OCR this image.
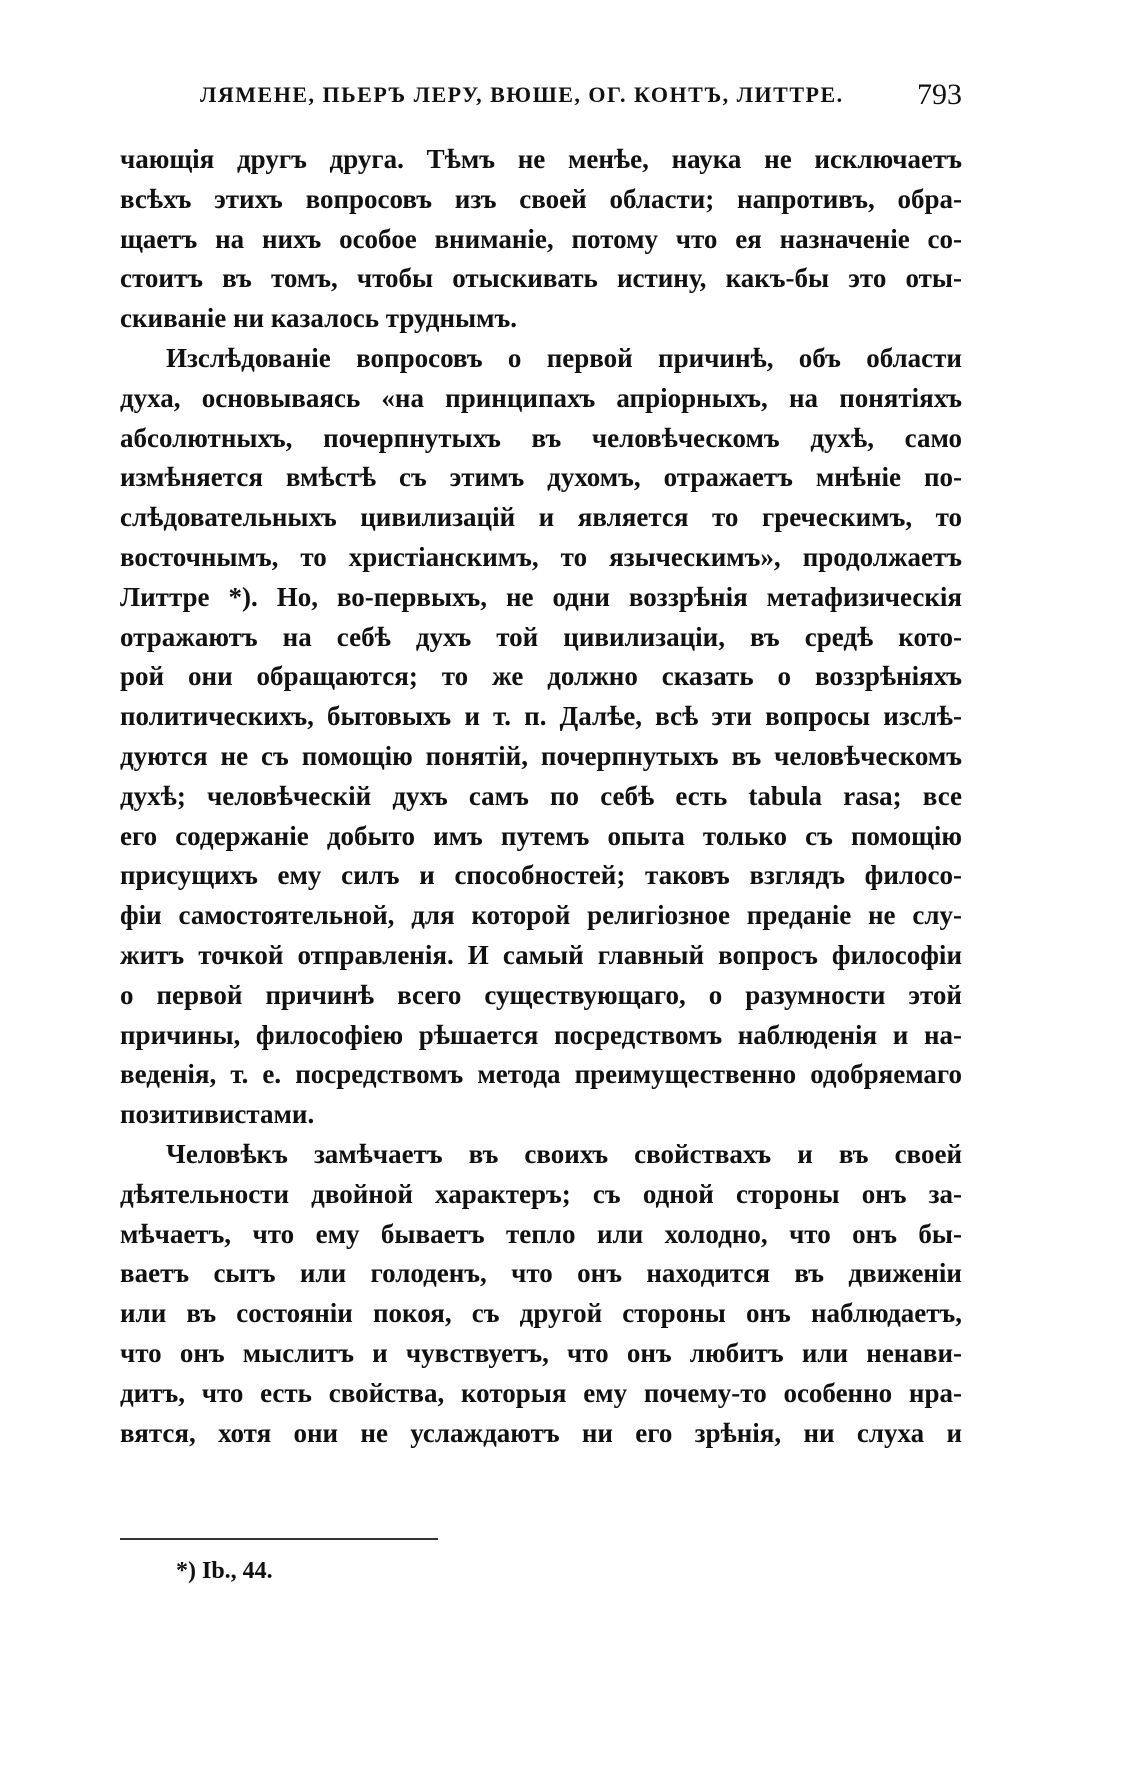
ЛЯМЕНЕ, ПЬЕРЪ ЛЕРУ, ВЮШЕ, ОГ. КОНТЪ, ЛИТТРЕ. 793
чающія другъ друга. Тѣмъ не менѣе, наука не исключаетъ
всѣхъ этихъ вопросовъ изъ своей области; напротивъ, обра-
щаетъ на нихъ особое вниманіе, потому что ея назначеніе со-
стоитъ въ томъ, чтобы отыскивать истину, какъ-бы это оты-
скиваніе ни казалось труднымъ.
Изслѣдованіе вопросовъ о первой причинѣ, объ области
духа, основываясь «на принципахъ апріорныхъ, на понятіяхъ
абсолютныхъ, почерпнутыхъ въ человѣческомъ духѣ, само
измѣняется вмѣстѣ съ этимъ духомъ, отражаетъ мнѣніе по-
слѣдовательныхъ цивилизацій и является то греческимъ, то
восточнымъ, то христіанскимъ, то языческимъ», продолжаетъ
Литтре *). Но, во-первыхъ, не одни воззрѣнія метафизическія
отражаютъ на себѣ духъ той цивилизаціи, въ средѣ кото-
рой они обращаются; то же должно сказать о воззрѣніяхъ
политическихъ, бытовыхъ и т. п. Далѣе, всѣ эти вопросы изслѣ-
дуются не съ помощію понятій, почерпнутыхъ въ человѣческомъ
духѣ; человѣческій духъ самъ по себѣ есть tabula rasa; все
его содержаніе добыто имъ путемъ опыта только съ помощію
присущихъ ему силъ и способностей; таковъ взглядъ филосо-
фіи самостоятельной, для которой религіозное преданіе не слу-
житъ точкой отправленія. И самый главный вопросъ философіи
о первой причинѣ всего существующаго, о разумности этой
причины, философіею рѣшается посредствомъ наблюденія и на-
веденія, т. е. посредствомъ метода преимущественно одобряемаго
позитивистами.
Человѣкъ замѣчаетъ въ своихъ свойствахъ и въ своей
дѣятельности двойной характеръ; съ одной стороны онъ за-
мѣчаетъ, что ему бываетъ тепло или холодно, что онъ бы-
ваетъ сытъ или голоденъ, что онъ находится въ движеніи
или въ состояніи покоя, съ другой стороны онъ наблюдаетъ,
что онъ мыслитъ и чувствуетъ, что онъ любитъ или ненави-
дитъ, что есть свойства, которыя ему почему-то особенно нра-
вятся, хотя они не услаждаютъ ни его зрѣнія, ни слуха и
*) Ib., 44.
